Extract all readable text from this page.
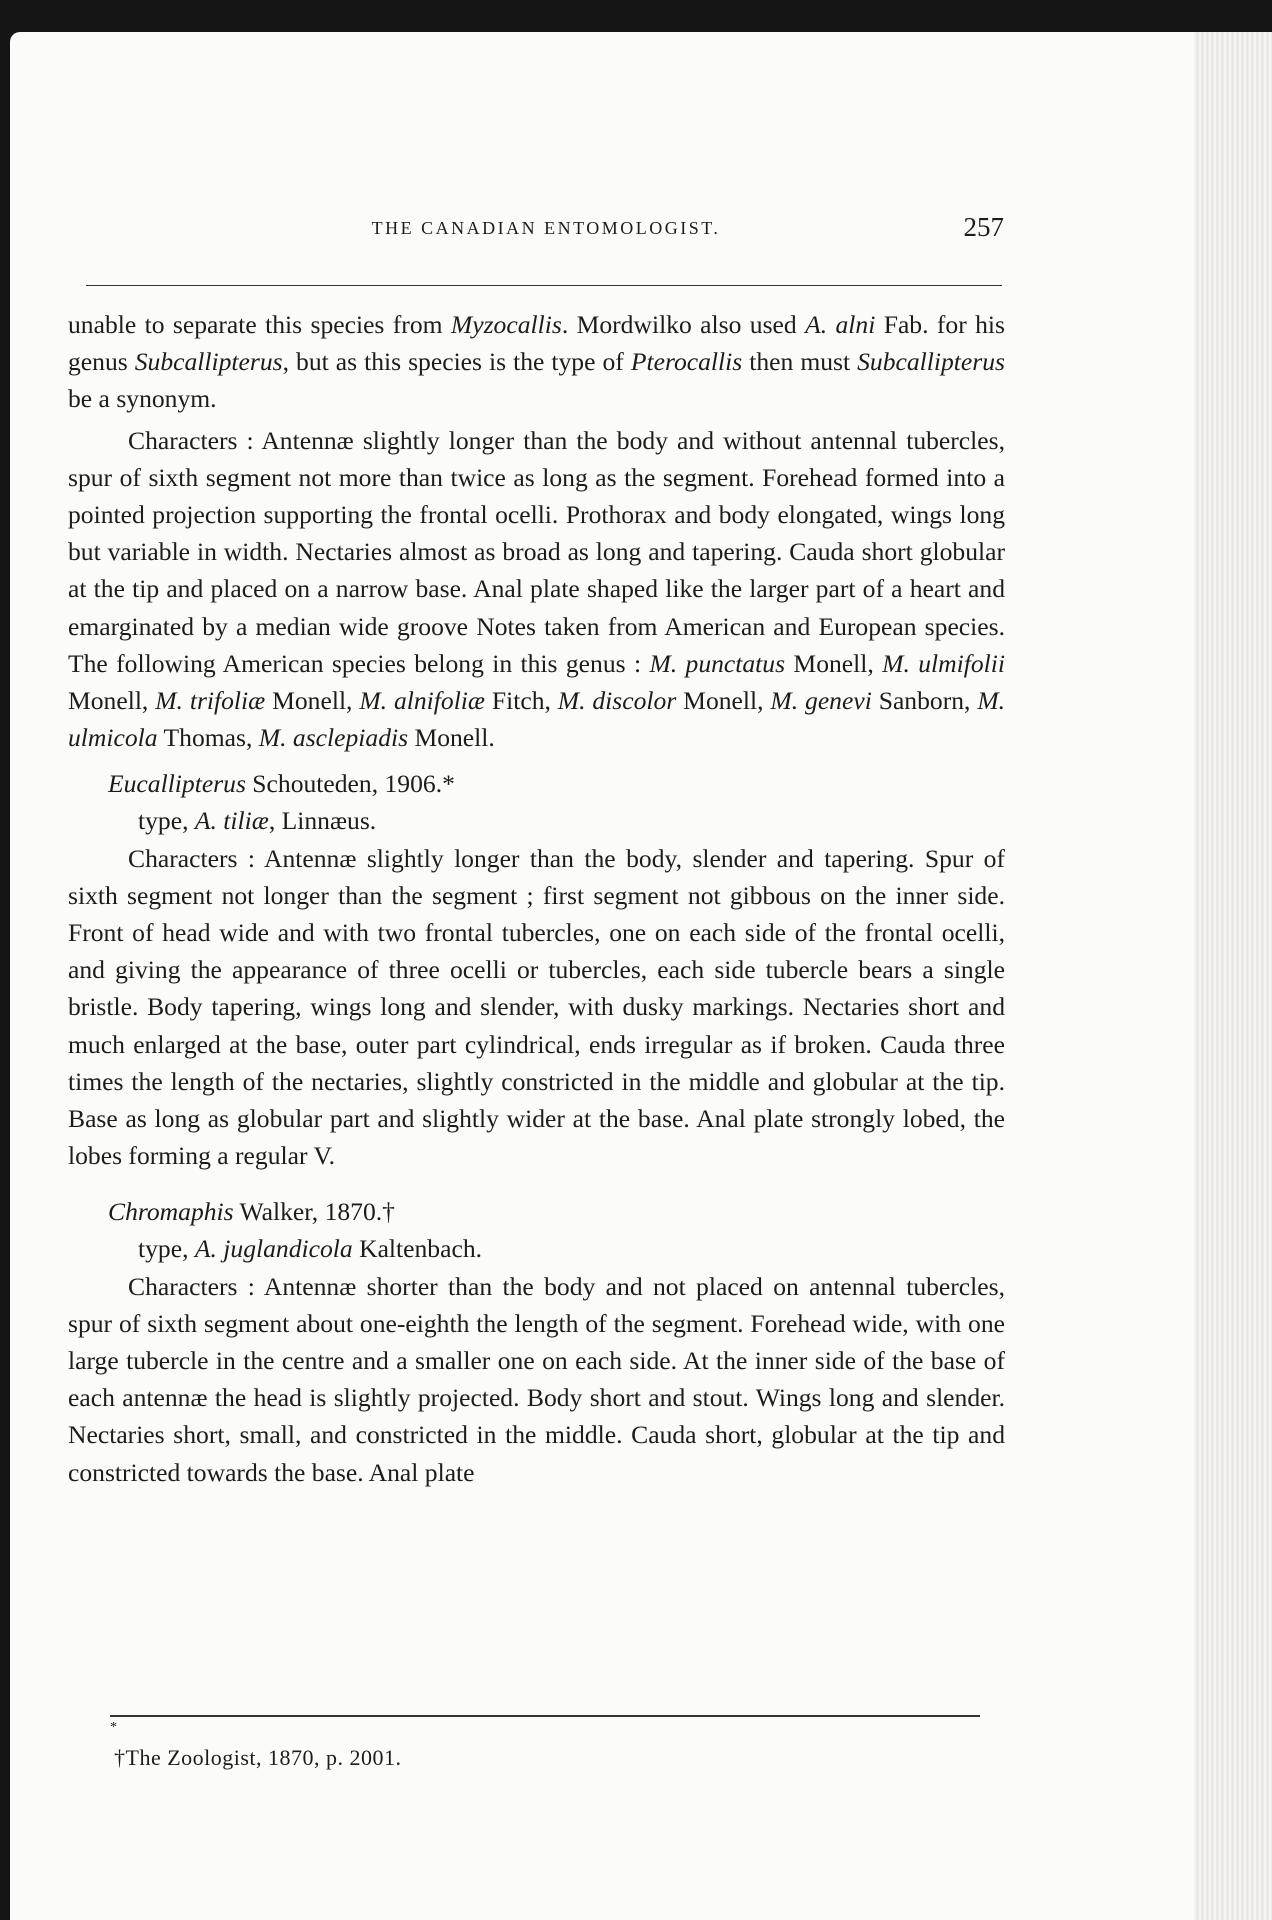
THE CANADIAN ENTOMOLOGIST.	257

unable to separate this species from Myzocallis. Mordwilko also used A. alni Fab. for his genus Subcallipterus, but as this species is the type of Pterocallis then must Subcallipterus be a synonym.

Characters : Antennæ slightly longer than the body and without antennal tubercles, spur of sixth segment not more than twice as long as the segment. Forehead formed into a pointed projection supporting the frontal ocelli. Prothorax and body elongated, wings long but variable in width. Nectaries almost as broad as long and tapering. Cauda short globular at the tip and placed on a narrow base. Anal plate shaped like the larger part of a heart and emarginated by a median wide groove Notes taken from American and European species. The following American species belong in this genus : M. punctatus Monell, M. ulmifolii Monell, M. trifoliæ Monell, M. alnifoliæ Fitch, M. discolor Monell, M. genevi Sanborn, M. ulmicola Thomas, M. asclepiadis Monell.

Eucallipterus Schouteden, 1906.*

type, A. tiliæ, Linnæus.

Characters : Antennæ slightly longer than the body, slender and tapering. Spur of sixth segment not longer than the segment ; first segment not gibbous on the inner side. Front of head wide and with two frontal tubercles, one on each side of the frontal ocelli, and giving the appearance of three ocelli or tubercles, each side tubercle bears a single bristle. Body tapering, wings long and slender, with dusky markings. Nectaries short and much enlarged at the base, outer part cylindrical, ends irregular as if broken. Cauda three times the length of the nectaries, slightly constricted in the middle and globular at the tip. Base as long as globular part and slightly wider at the base. Anal plate strongly lobed, the lobes forming a regular V.

Chromaphis Walker, 1870.†

type, A. juglandicola Kaltenbach.

Characters : Antennæ shorter than the body and not placed on antennal tubercles, spur of sixth segment about one-eighth the length of the segment. Forehead wide, with one large tubercle in the centre and a smaller one on each side. At the inner side of the base of each antennæ the head is slightly projected. Body short and stout. Wings long and slender. Nectaries short, small, and constricted in the middle. Cauda short, globular at the tip and constricted towards the base. Anal plate

*
†The Zoologist, 1870, p. 2001.
